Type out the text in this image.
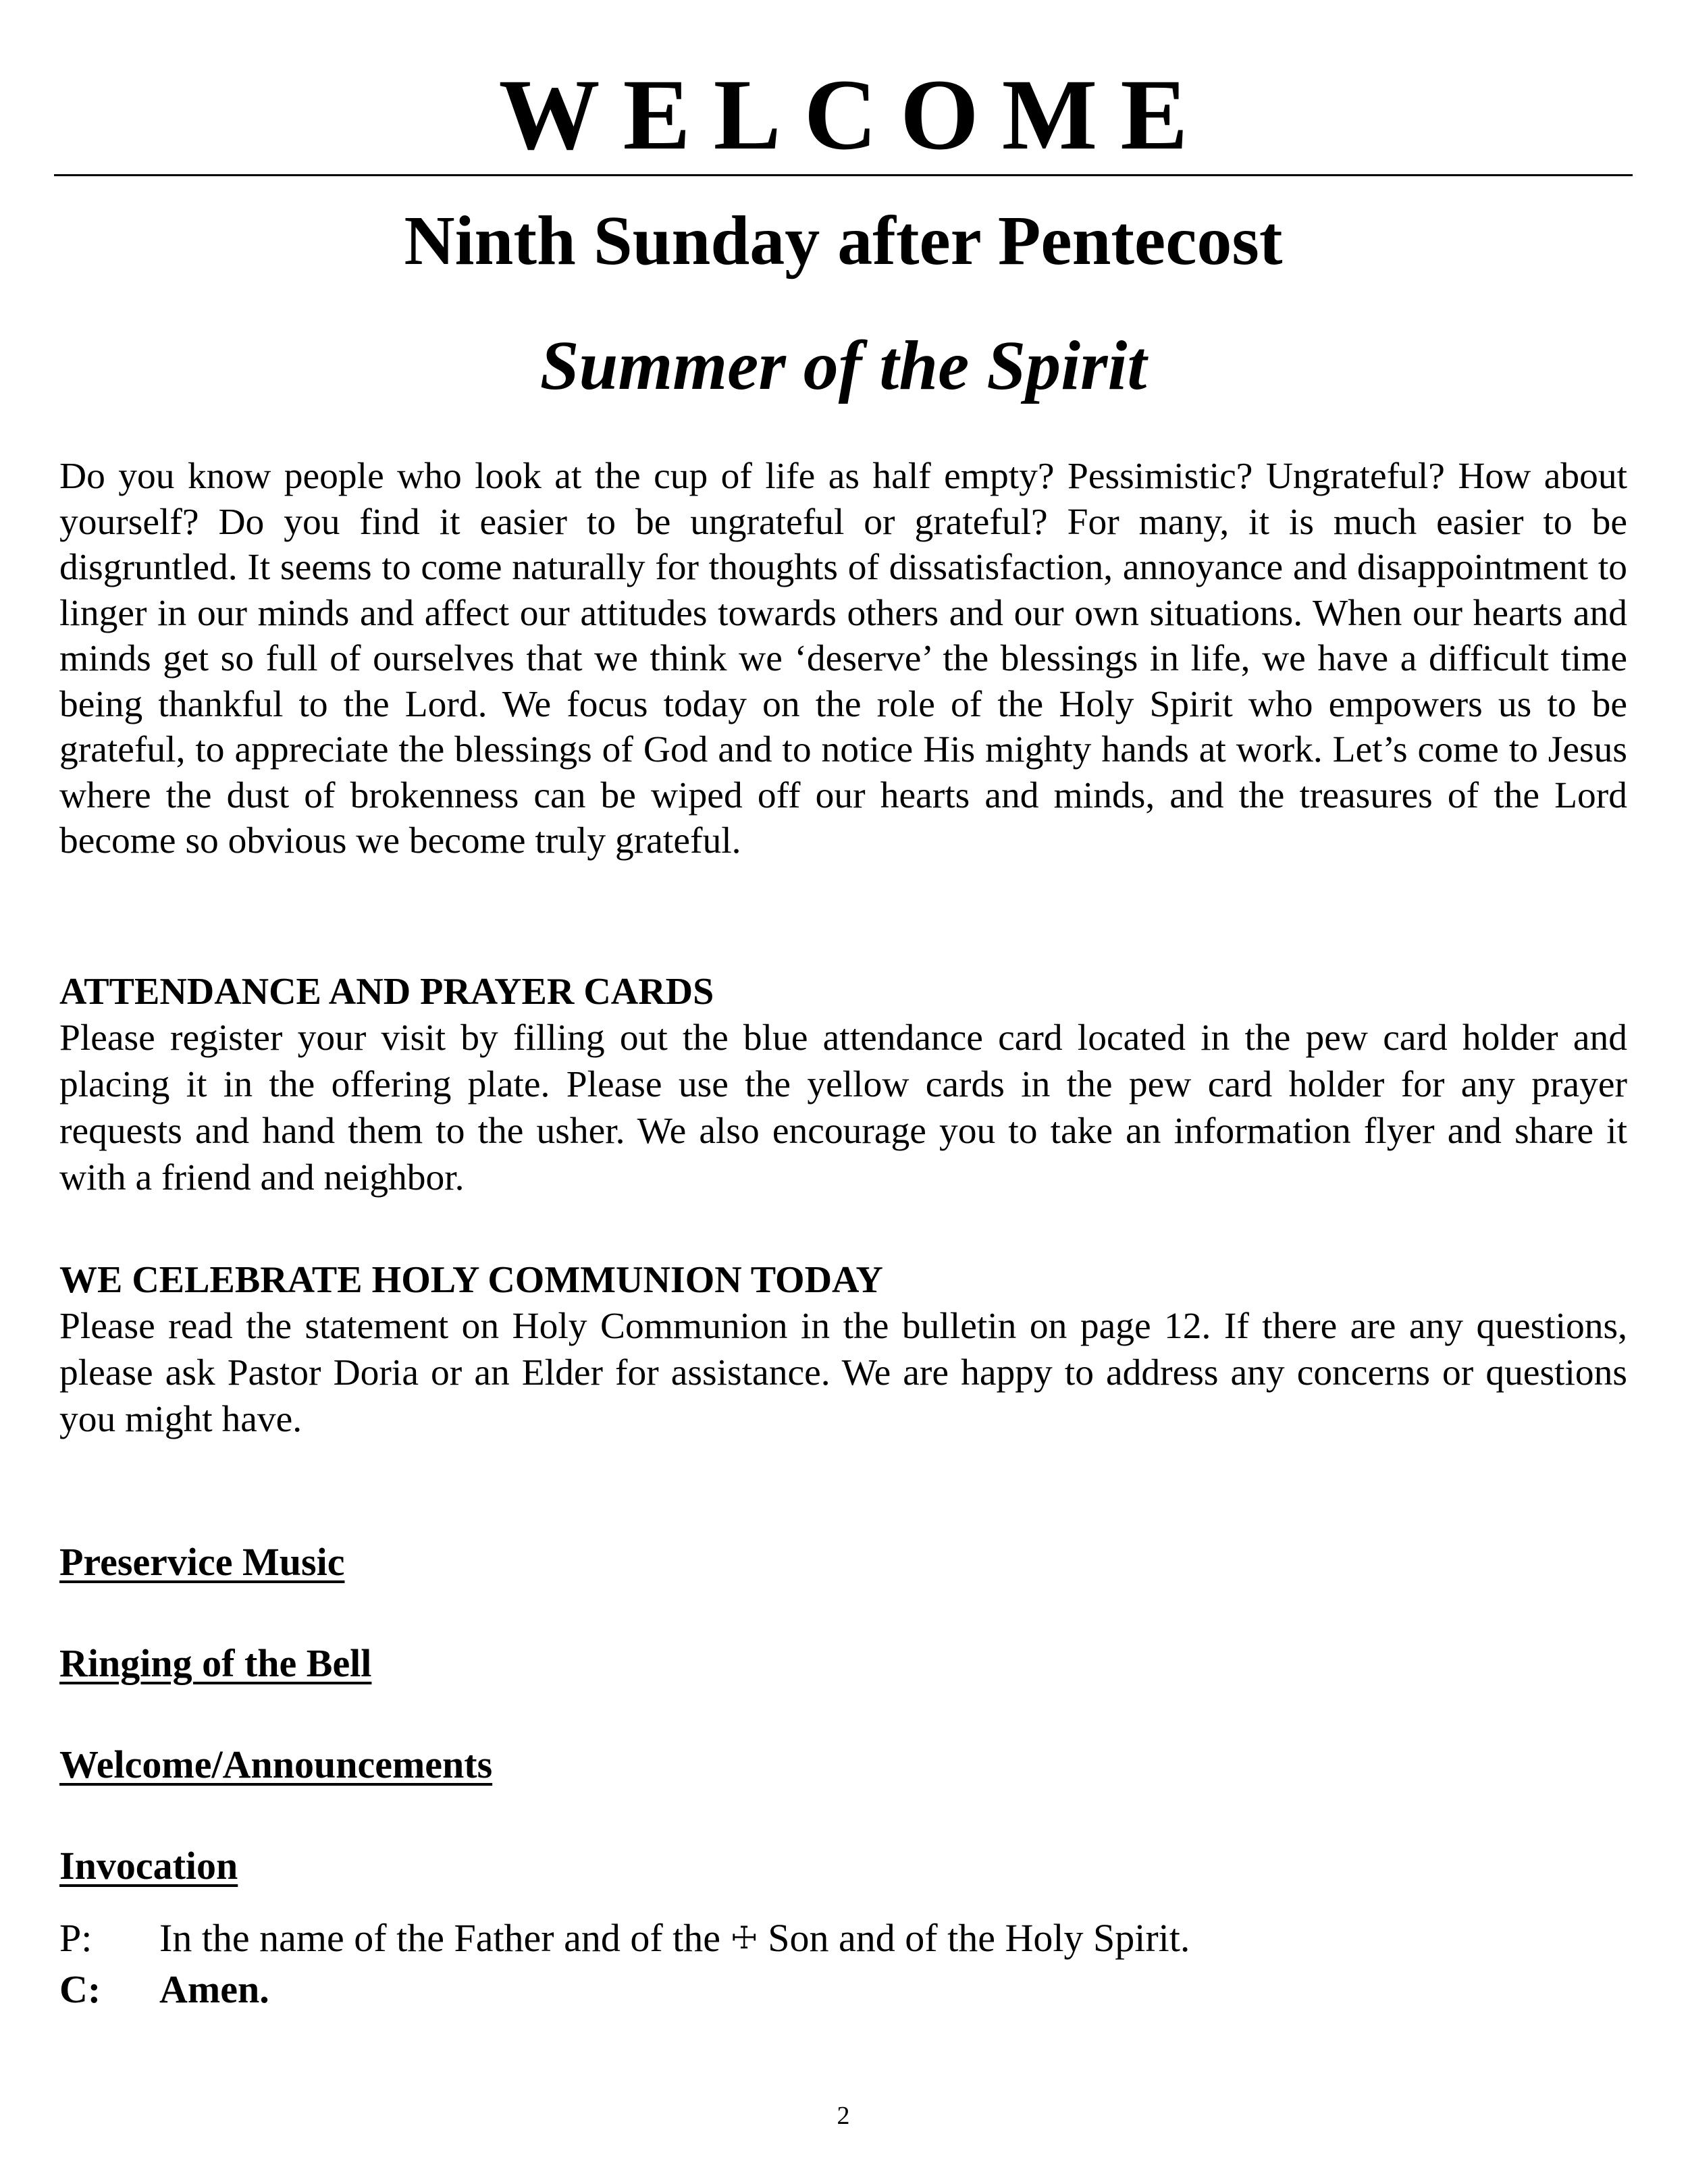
WELCOME
Ninth Sunday after Pentecost
Summer of the Spirit

Do you know people who look at the cup of life as half empty? Pessimistic? Ungrateful? How about yourself? Do you find it easier to be ungrateful or grateful? For many, it is much easier to be disgruntled. It seems to come naturally for thoughts of dissatisfaction, annoyance and disappointment to linger in our minds and affect our attitudes towards others and our own situations. When our hearts and minds get so full of ourselves that we think we ‘deserve’ the blessings in life, we have a difficult time being thankful to the Lord. We focus today on the role of the Holy Spirit who empowers us to be grateful, to appreciate the blessings of God and to notice His mighty hands at work. Let’s come to Jesus where the dust of brokenness can be wiped off our hearts and minds, and the treasures of the Lord become so obvious we become truly grateful.

ATTENDANCE AND PRAYER CARDS

Please register your visit by filling out the blue attendance card located in the pew card holder and placing it in the offering plate. Please use the yellow cards in the pew card holder for any prayer requests and hand them to the usher. We also encourage you to take an information flyer and share it with a friend and neighbor.

WE CELEBRATE HOLY COMMUNION TODAY

Please read the statement on Holy Communion in the bulletin on page 12. If there are any questions, please ask Pastor Doria or an Elder for assistance. We are happy to address any concerns or questions you might have.

Preservice Music

Ringing of the Bell

Welcome/Announcements

Invocation

P:	In the name of the Father and of the ☩ Son and of the Holy Spirit.

C:	Amen.

2
